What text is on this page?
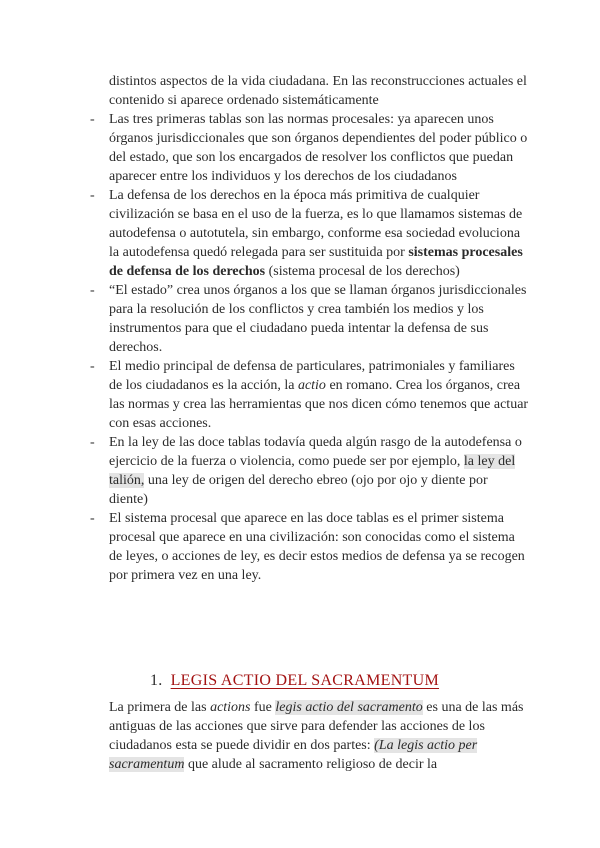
distintos aspectos de la vida ciudadana. En las reconstrucciones actuales el contenido si aparece ordenado sistemáticamente
- Las tres primeras tablas son las normas procesales: ya aparecen unos órganos jurisdiccionales que son órganos dependientes del poder público o del estado, que son los encargados de resolver los conflictos que puedan aparecer entre los individuos y los derechos de los ciudadanos
- La defensa de los derechos en la época más primitiva de cualquier civilización se basa en el uso de la fuerza, es lo que llamamos sistemas de autodefensa o autotutela, sin embargo, conforme esa sociedad evoluciona la autodefensa quedó relegada para ser sustituida por sistemas procesales de defensa de los derechos (sistema procesal de los derechos)
- “El estado” crea unos órganos a los que se llaman órganos jurisdiccionales para la resolución de los conflictos y crea también los medios y los instrumentos para que el ciudadano pueda intentar la defensa de sus derechos.
- El medio principal de defensa de particulares, patrimoniales y familiares de los ciudadanos es la acción, la actio en romano. Crea los órganos, crea las normas y crea las herramientas que nos dicen cómo tenemos que actuar con esas acciones.
- En la ley de las doce tablas todavía queda algún rasgo de la autodefensa o ejercicio de la fuerza o violencia, como puede ser por ejemplo, la ley del talión, una ley de origen del derecho ebreo (ojo por ojo y diente por diente)
- El sistema procesal que aparece en las doce tablas es el primer sistema procesal que aparece en una civilización: son conocidas como el sistema de leyes, o acciones de ley, es decir estos medios de defensa ya se recogen por primera vez en una ley.
1. LEGIS ACTIO DEL SACRAMENTUM
La primera de las actions fue legis actio del sacramento es una de las más antiguas de las acciones que sirve para defender las acciones de los ciudadanos esta se puede dividir en dos partes: (La legis actio per sacramentum que alude al sacramento religioso de decir la
